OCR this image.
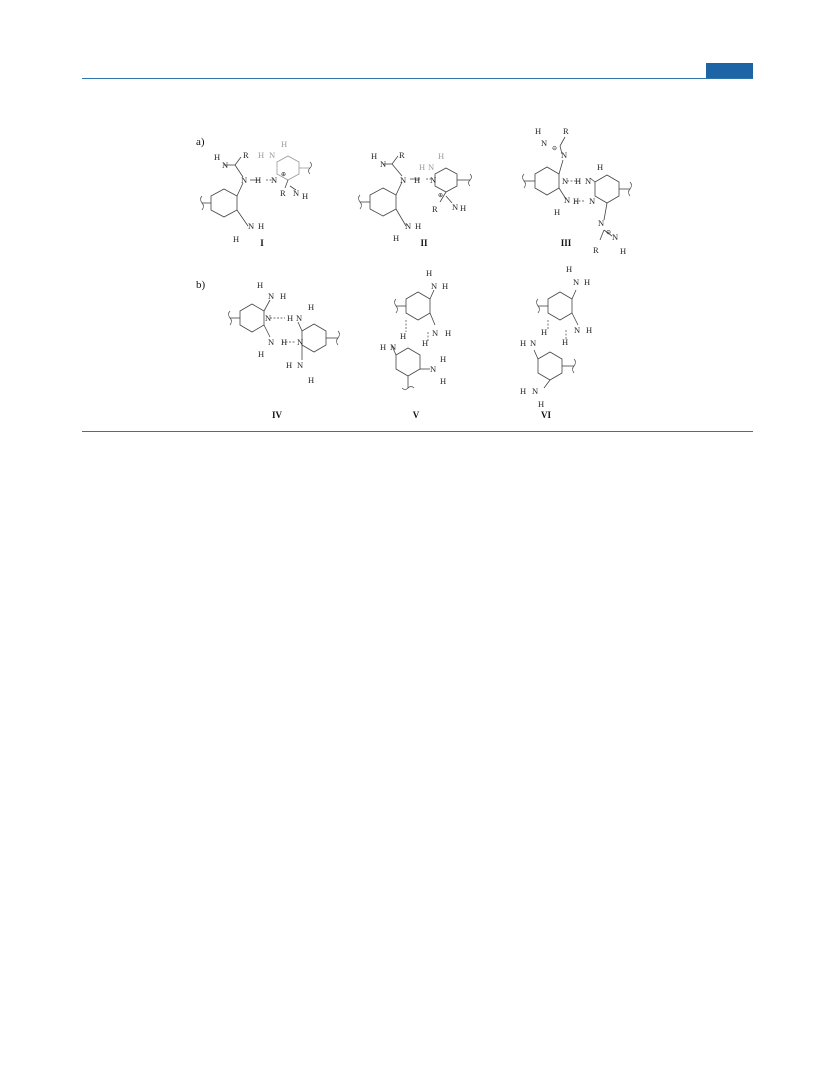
a)
b)
I	II	III
IV	V	VI
H
N
R
N H N ⊕
H N
H
R N H
N H
H
H
N
R
N H N
H N
H
⊕
R N H
N H
H
H	R
N
⊖
N
N H N
H
N H
H
N
N
⊖ N
R	H
H
N H
N H N
H
N H N
H
H N
H
H
N H
N H
H
H
H N
N
H
H
H
N H
N H
H
H
H N
H N
H
